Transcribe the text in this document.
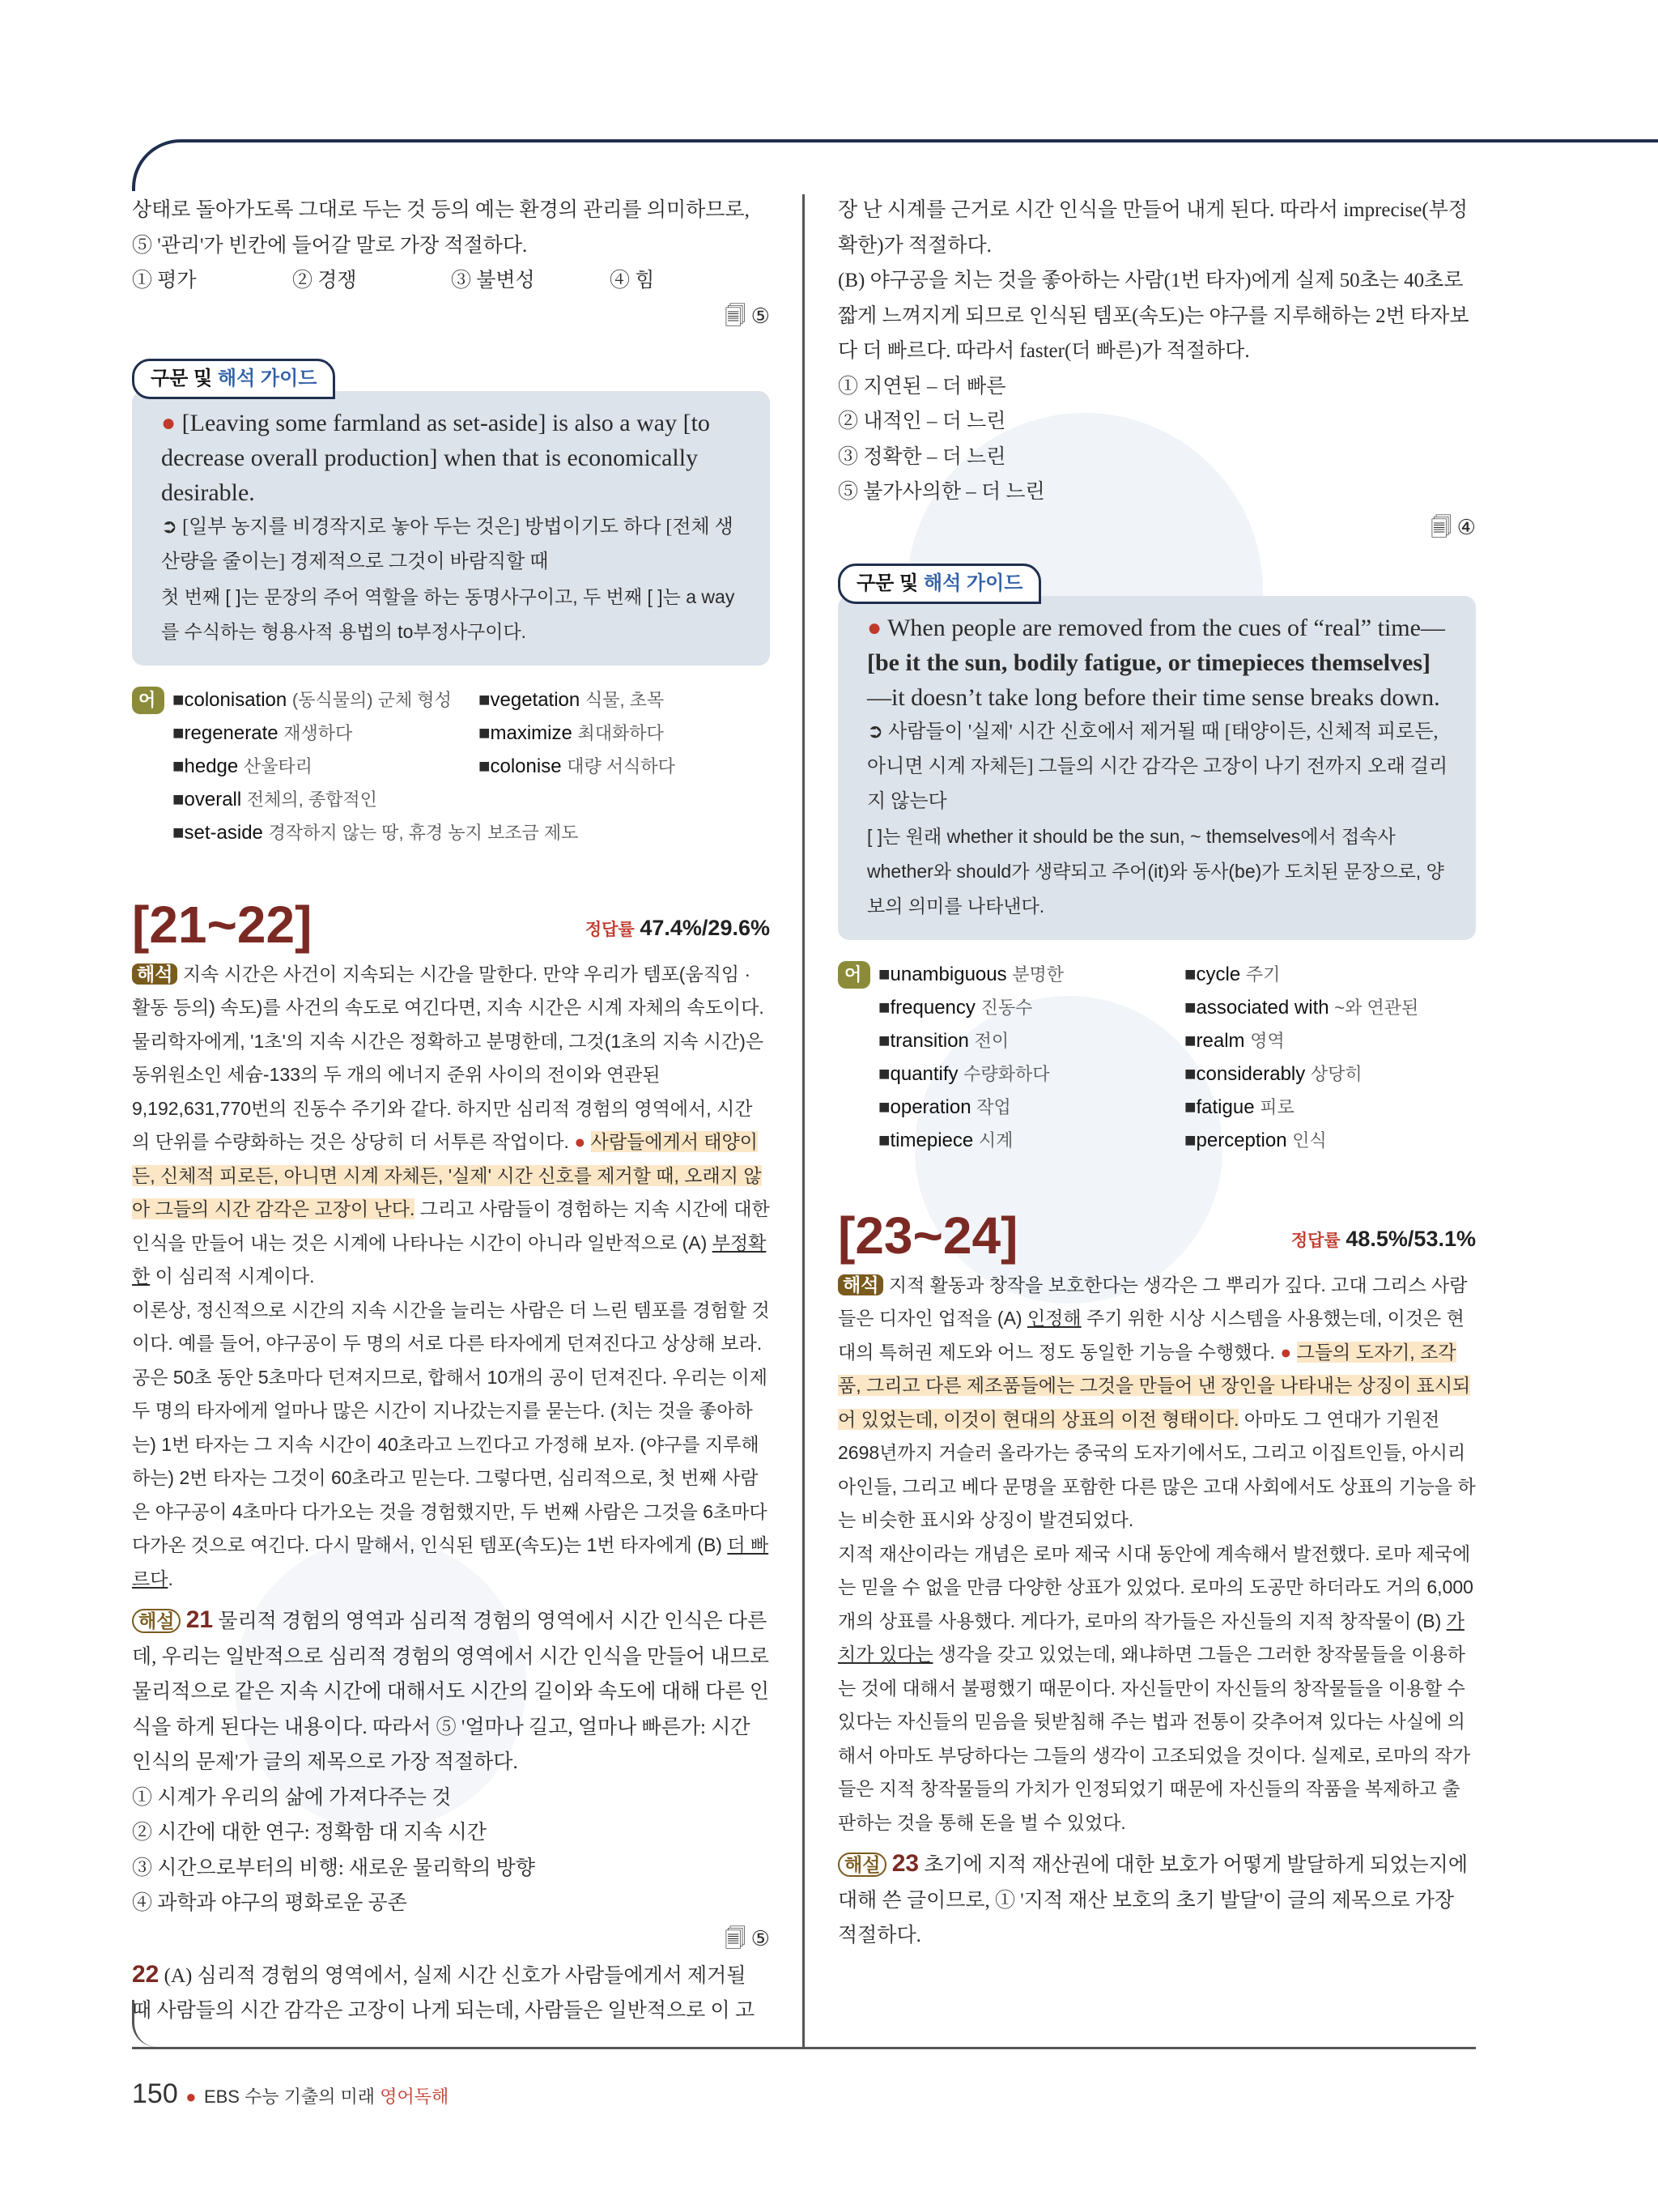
상태로 돌아가도록 그대로 두는 것 등의 예는 환경의 관리를 의미하므로,

⑤ '관리'가 빈칸에 들어갈 말로 가장 적절하다.

① 평가	② 경쟁	③ 불변성	④ 힘
🗐 ⑤
구문 및 해석 가이드

● [Leaving some farmland as set-aside] is also a way [to decrease overall production] when that is economically desirable.

➲ [일부 농지를 비경작지로 놓아 두는 것은] 방법이기도 하다 [전체 생산량을 줄이는] 경제적으로 그것이 바람직할 때

첫 번째 [ ]는 문장의 주어 역할을 하는 동명사구이고, 두 번째 [ ]는 a way를 수식하는 형용사적 용법의 to부정사구이다.

어휘
■colonisation (동식물의) 군체 형성	■vegetation 식물, 초목
■regenerate 재생하다	■maximize 최대화하다
■hedge 산울타리	■colonise 대량 서식하다
■overall 전체의, 종합적인
■set-aside 경작하지 않는 땅, 휴경 농지 보조금 제도
[21~22]	정답률 47.4%/29.6%

해석 지속 시간은 사건이 지속되는 시간을 말한다. 만약 우리가 템포(움직임 · 활동 등의) 속도)를 사건의 속도로 여긴다면, 지속 시간은 시계 자체의 속도이다. 물리학자에게, '1초'의 지속 시간은 정확하고 분명한데, 그것(1초의 지속 시간)은 동위원소인 세슘-133의 두 개의 에너지 준위 사이의 전이와 연관된 9,192,631,770번의 진동수 주기와 같다. 하지만 심리적 경험의 영역에서, 시간의 단위를 수량화하는 것은 상당히 더 서투른 작업이다. ● 사람들에게서 태양이든, 신체적 피로든, 아니면 시계 자체든, '실제' 시간 신호를 제거할 때, 오래지 않아 그들의 시간 감각은 고장이 난다. 그리고 사람들이 경험하는 지속 시간에 대한 인식을 만들어 내는 것은 시계에 나타나는 시간이 아니라 일반적으로 (A) 부정확한 이 심리적 시계이다.

이론상, 정신적으로 시간의 지속 시간을 늘리는 사람은 더 느린 템포를 경험할 것이다. 예를 들어, 야구공이 두 명의 서로 다른 타자에게 던져진다고 상상해 보라. 공은 50초 동안 5초마다 던져지므로, 합해서 10개의 공이 던져진다. 우리는 이제 두 명의 타자에게 얼마나 많은 시간이 지나갔는지를 묻는다. (치는 것을 좋아하는) 1번 타자는 그 지속 시간이 40초라고 느낀다고 가정해 보자. (야구를 지루해 하는) 2번 타자는 그것이 60초라고 믿는다. 그렇다면, 심리적으로, 첫 번째 사람은 야구공이 4초마다 다가오는 것을 경험했지만, 두 번째 사람은 그것을 6초마다 다가온 것으로 여긴다. 다시 말해서, 인식된 템포(속도)는 1번 타자에게 (B) 더 빠르다.

해설 21 물리적 경험의 영역과 심리적 경험의 영역에서 시간 인식은 다른데, 우리는 일반적으로 심리적 경험의 영역에서 시간 인식을 만들어 내므로 물리적으로 같은 지속 시간에 대해서도 시간의 길이와 속도에 대해 다른 인식을 하게 된다는 내용이다. 따라서 ⑤ '얼마나 길고, 얼마나 빠른가: 시간 인식의 문제'가 글의 제목으로 가장 적절하다.

① 시계가 우리의 삶에 가져다주는 것

② 시간에 대한 연구: 정확함 대 지속 시간

③ 시간으로부터의 비행: 새로운 물리학의 방향

④ 과학과 야구의 평화로운 공존

🗐 ⑤

22 (A) 심리적 경험의 영역에서, 실제 시간 신호가 사람들에게서 제거될 때 사람들의 시간 감각은 고장이 나게 되는데, 사람들은 일반적으로 이 고

장 난 시계를 근거로 시간 인식을 만들어 내게 된다. 따라서 imprecise(부정확한)가 적절하다.

(B) 야구공을 치는 것을 좋아하는 사람(1번 타자)에게 실제 50초는 40초로 짧게 느껴지게 되므로 인식된 템포(속도)는 야구를 지루해하는 2번 타자보다 더 빠르다. 따라서 faster(더 빠른)가 적절하다.

① 지연된 – 더 빠른

② 내적인 – 더 느린

③ 정확한 – 더 느린

⑤ 불가사의한 – 더 느린

🗐 ④
구문 및 해석 가이드

● When people are removed from the cues of “real” time—[be it the sun, bodily fatigue, or timepieces themselves]—it doesn’t take long before their time sense breaks down.

➲ 사람들이 '실제' 시간 신호에서 제거될 때 [태양이든, 신체적 피로든, 아니면 시계 자체든] 그들의 시간 감각은 고장이 나기 전까지 오래 걸리지 않는다

[ ]는 원래 whether it should be the sun, ~ themselves에서 접속사 whether와 should가 생략되고 주어(it)와 동사(be)가 도치된 문장으로, 양보의 의미를 나타낸다.

어휘
■unambiguous 분명한	■cycle 주기
■frequency 진동수	■associated with ~와 연관된
■transition 전이	■realm 영역
■quantify 수량화하다	■considerably 상당히
■operation 작업	■fatigue 피로
■timepiece 시계	■perception 인식
[23~24]	정답률 48.5%/53.1%

해석 지적 활동과 창작을 보호한다는 생각은 그 뿌리가 깊다. 고대 그리스 사람들은 디자인 업적을 (A) 인정해 주기 위한 시상 시스템을 사용했는데, 이것은 현대의 특허권 제도와 어느 정도 동일한 기능을 수행했다. ● 그들의 도자기, 조각품, 그리고 다른 제조품들에는 그것을 만들어 낸 장인을 나타내는 상징이 표시되어 있었는데, 이것이 현대의 상표의 이전 형태이다. 아마도 그 연대가 기원전 2698년까지 거슬러 올라가는 중국의 도자기에서도, 그리고 이집트인들, 아시리아인들, 그리고 베다 문명을 포함한 다른 많은 고대 사회에서도 상표의 기능을 하는 비슷한 표시와 상징이 발견되었다.

지적 재산이라는 개념은 로마 제국 시대 동안에 계속해서 발전했다. 로마 제국에는 믿을 수 없을 만큼 다양한 상표가 있었다. 로마의 도공만 하더라도 거의 6,000개의 상표를 사용했다. 게다가, 로마의 작가들은 자신들의 지적 창작물이 (B) 가치가 있다는 생각을 갖고 있었는데, 왜냐하면 그들은 그러한 창작물들을 이용하는 것에 대해서 불평했기 때문이다. 자신들만이 자신들의 창작물들을 이용할 수 있다는 자신들의 믿음을 뒷받침해 주는 법과 전통이 갖추어져 있다는 사실에 의해서 아마도 부당하다는 그들의 생각이 고조되었을 것이다. 실제로, 로마의 작가들은 지적 창작물들의 가치가 인정되었기 때문에 자신들의 작품을 복제하고 출판하는 것을 통해 돈을 벌 수 있었다.

해설 23 초기에 지적 재산권에 대한 보호가 어떻게 발달하게 되었는지에 대해 쓴 글이므로, ① '지적 재산 보호의 초기 발달'이 글의 제목으로 가장 적절하다.

150 ● EBS 수능 기출의 미래 영어독해
